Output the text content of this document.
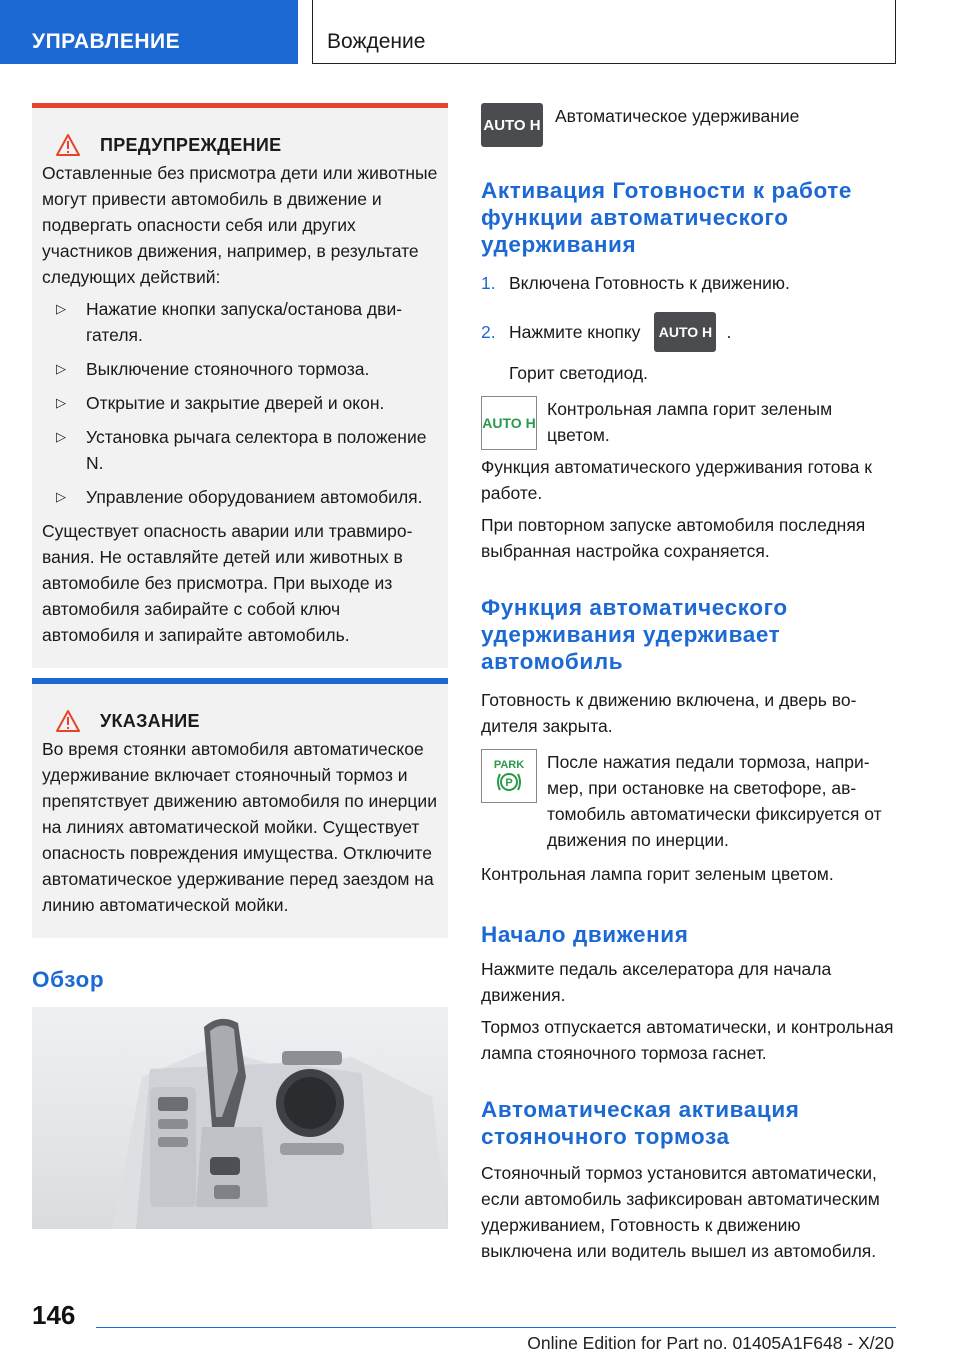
УПРАВЛЕНИЕ	Вождение
ПРЕДУПРЕЖДЕНИЕ

Оставленные без присмотра дети или животные могут привести автомобиль в движение и подвергать опасности себя или других участников движения, например, в результате следующих действий:

▷	Нажатие кнопки запуска/останова двигателя.
▷	Выключение стояночного тормоза.
▷	Открытие и закрытие дверей и окон.
▷	Установка рычага селектора в положение N.
▷	Управление оборудованием автомобиля.

Существует опасность аварии или травмирования. Не оставляйте детей или животных в автомобиле без присмотра. При выходе из автомобиля забирайте с собой ключ автомобиля и запирайте автомобиль.

УКАЗАНИЕ

Во время стоянки автомобиля автоматическое удерживание включает стояночный тормоз и препятствует движению автомобиля по инерции на линиях автоматической мойки. Существует опасность повреждения имущества. Отключите автоматическое удерживание перед заездом на линию автоматической мойки.

Обзор
AUTO H Автоматическое удерживание

Активация Готовности к работе функции автоматического удерживания
1. Включена Готовность к движению.

2. Нажмите кнопку	AUTO H .

Горит светодиод.

AUTO H

Контрольная лампа горит зеленым цветом.

Функция автоматического удерживания готова к работе.

При повторном запуске автомобиля последняя выбранная настройка сохраняется.

Функция автоматического удерживания удерживает автомобиль

Готовность к движению включена, и дверь водителя закрыта.

PARK
P

После нажатия педали тормоза, например, при остановке на светофоре, автомобиль автоматически фиксируется от движения по инерции.

Контрольная лампа горит зеленым цветом.

Начало движения

Нажмите педаль акселератора для начала движения.

Тормоз отпускается автоматически, и контрольная лампа стояночного тормоза гаснет.

Автоматическая активация стояночного тормоза

Стояночный тормоз установится автоматически, если автомобиль зафиксирован автоматическим удерживанием, Готовность к движению выключена или водитель вышел из автомобиля.

146
Online Edition for Part no. 01405A1F648 - X/20
